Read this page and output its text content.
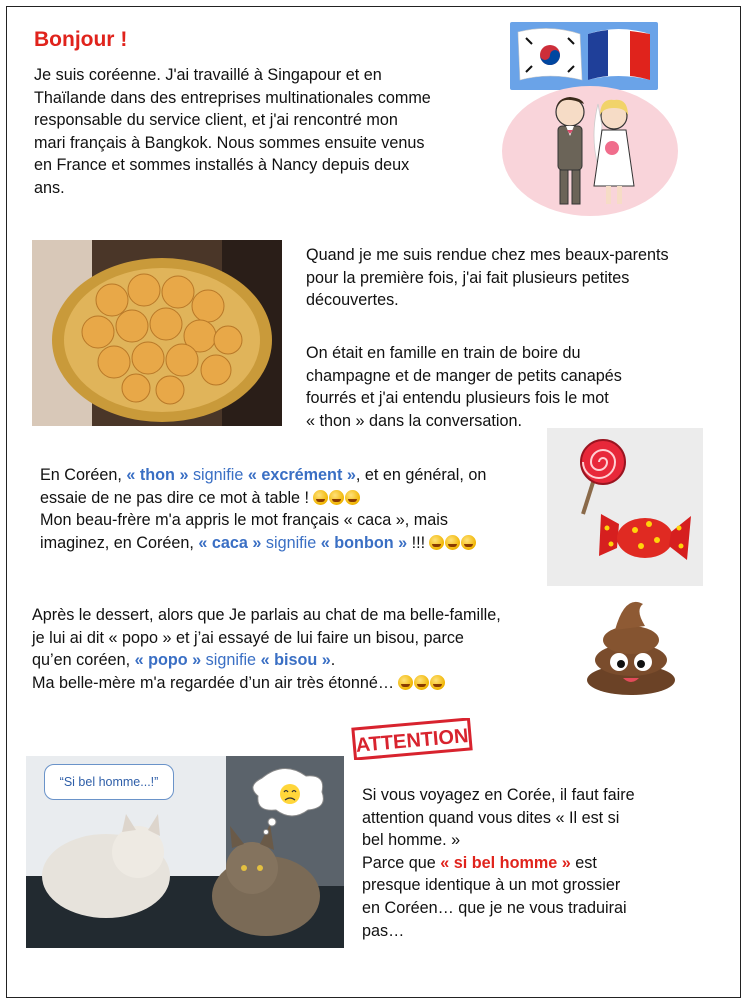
Bonjour !
Je suis coréenne. J'ai travaillé à Singapour et en
Thaïlande dans des entreprises multinationales comme
responsable du service client, et j'ai rencontré mon
mari français à Bangkok. Nous sommes ensuite venus
en France et sommes installés à Nancy depuis deux
ans.
Quand je me suis rendue chez mes beaux-parents
pour la première fois, j'ai fait plusieurs petites
découvertes.
On était en famille en train de boire du
champagne et de manger de petits canapés
fourrés et j'ai entendu plusieurs fois le mot
« thon » dans la conversation.
En Coréen, « thon » signifie « excrément », et en général, on
essaie de ne pas dire ce mot à table !
Mon beau-frère m'a appris le mot français « caca », mais
imaginez, en Coréen, « caca » signifie « bonbon » !!!
Après le dessert, alors que Je parlais au chat de ma belle-famille,
je lui ai dit « popo » et j’ai essayé de lui faire un bisou, parce
qu’en coréen, « popo » signifie « bisou ».
Ma belle-mère m'a regardée d’un air très étonné…
ATTENTION
“Si bel homme...!”
Si vous voyagez en Corée, il faut faire
attention quand vous dites « Il est si
bel homme. »
Parce que « si bel homme » est
presque identique à un mot grossier
en Coréen… que je ne vous traduirai
pas…
